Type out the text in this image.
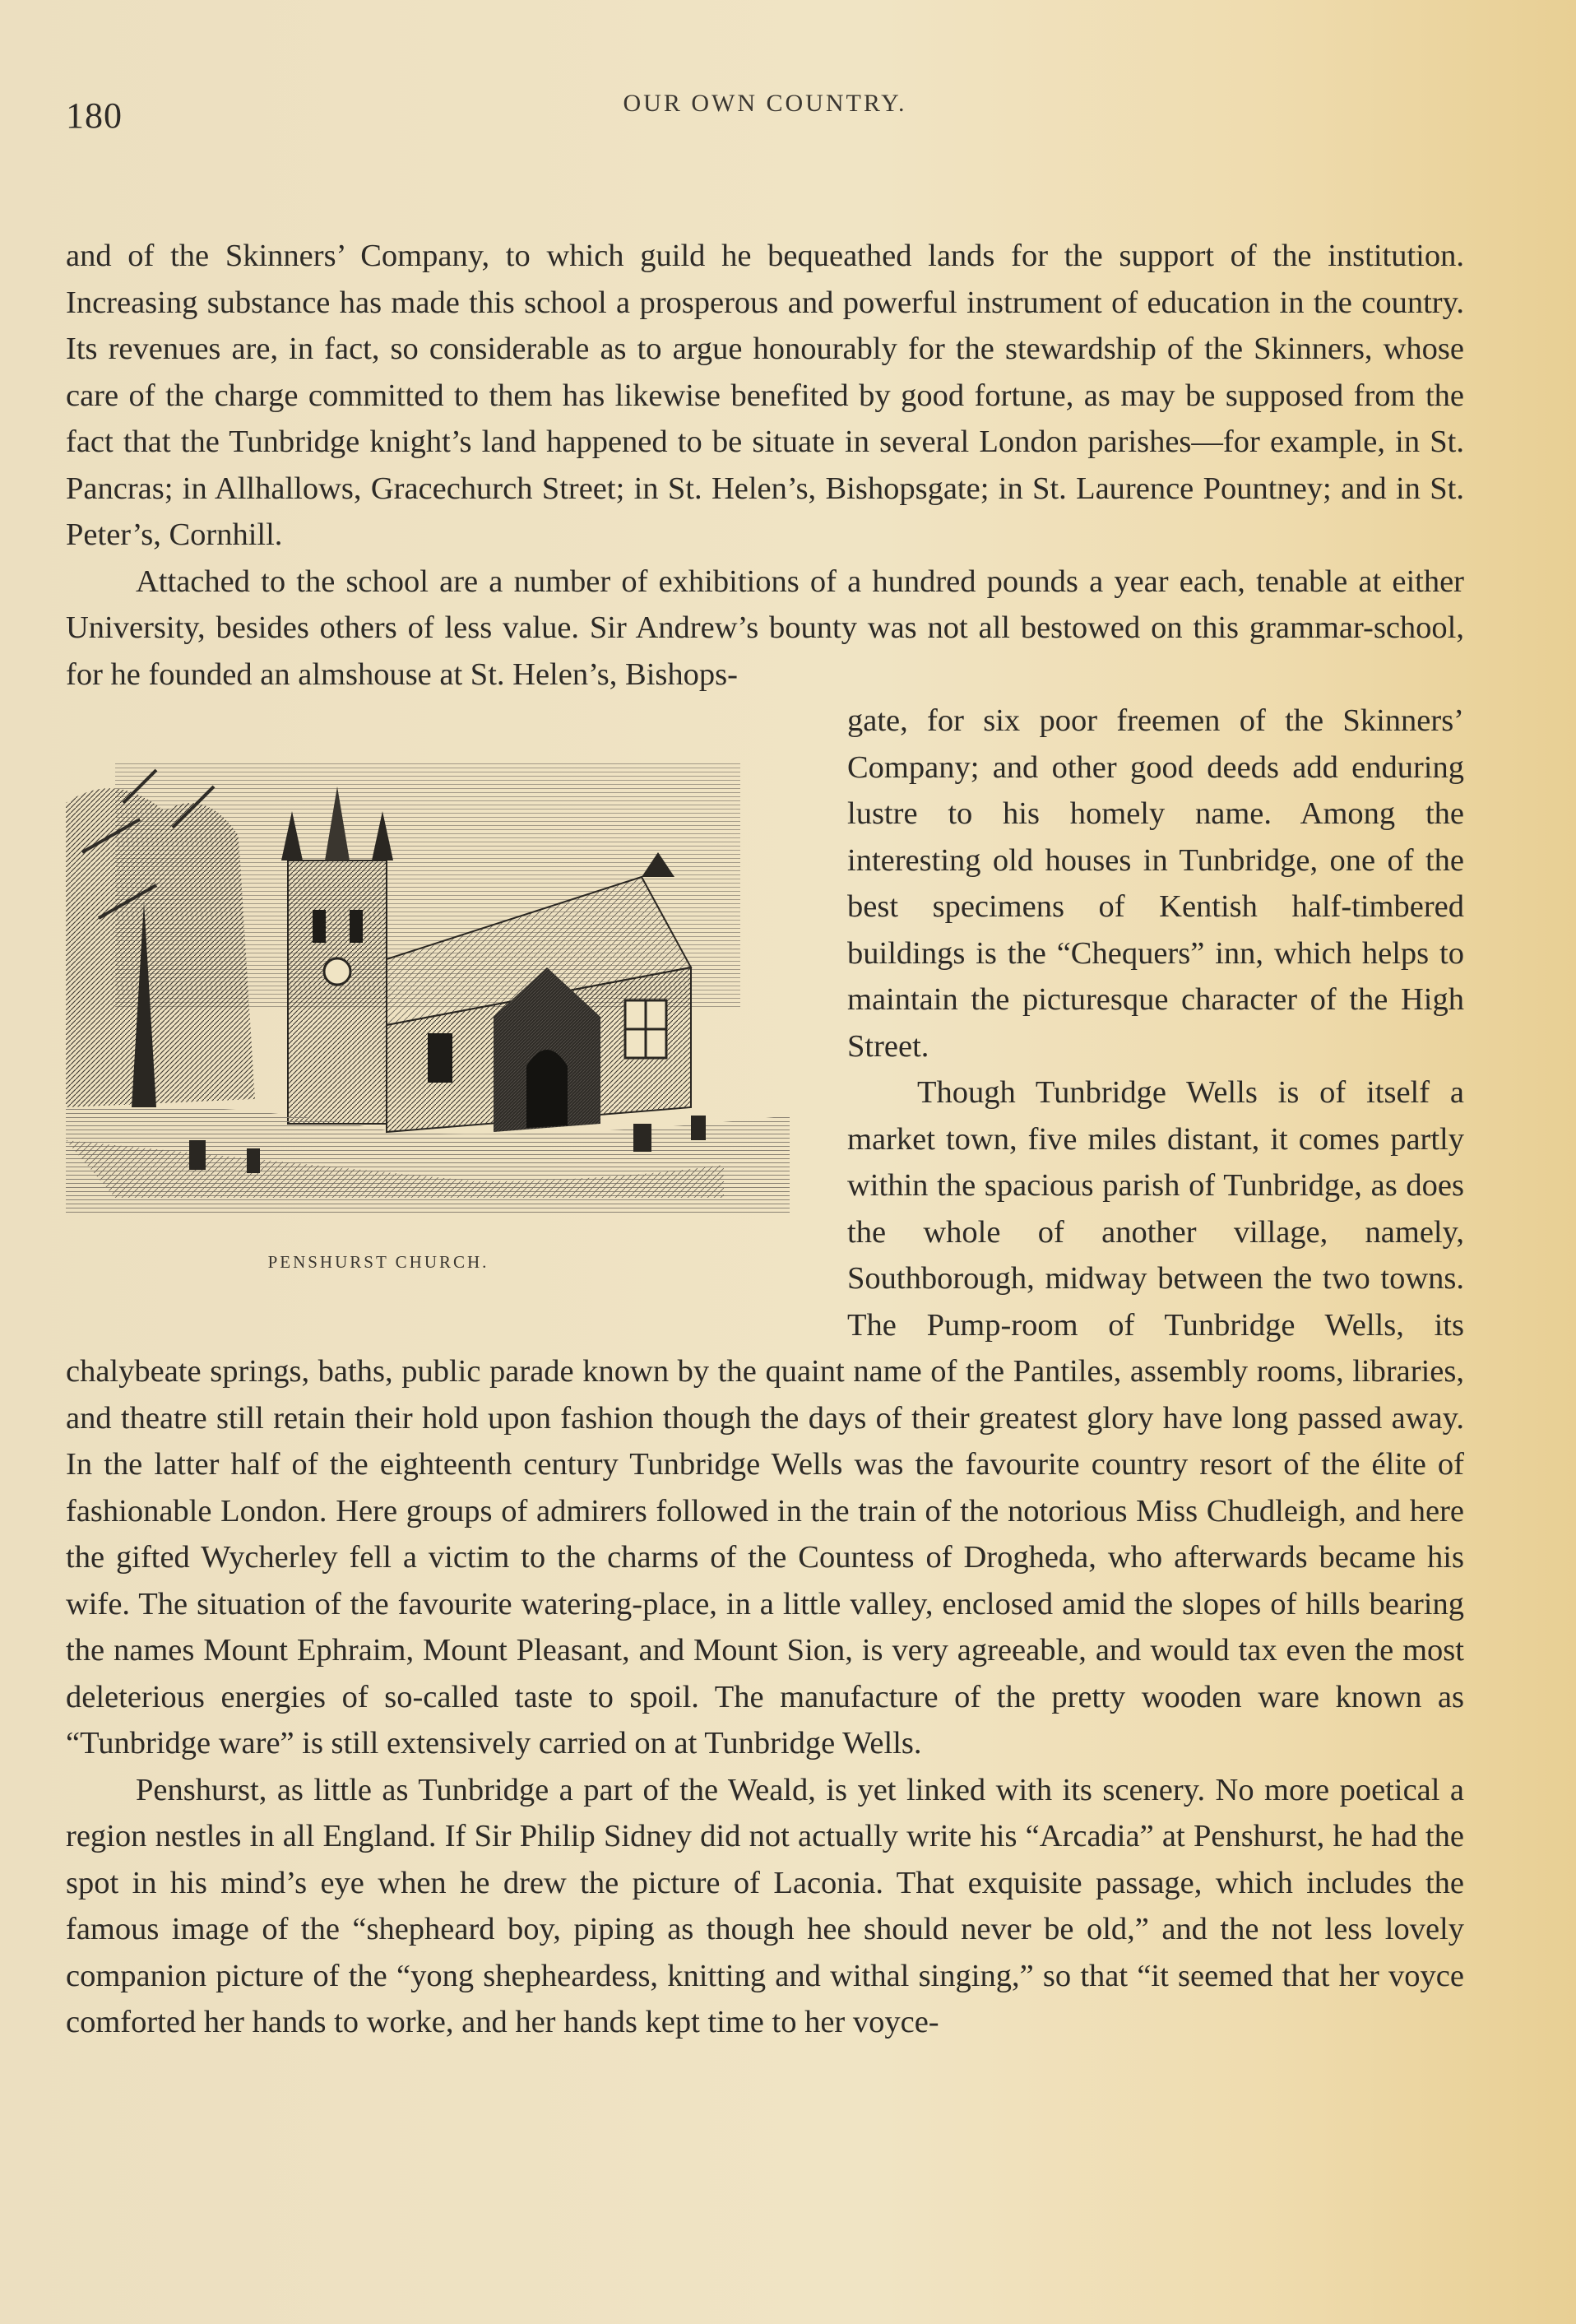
180	OUR OWN COUNTRY.

and of the Skinners’ Company, to which guild he bequeathed lands for the support of the institution. Increasing substance has made this school a prosperous and powerful instrument of education in the country. Its revenues are, in fact, so considerable as to argue honourably for the stewardship of the Skinners, whose care of the charge committed to them has likewise benefited by good fortune, as may be supposed from the fact that the Tunbridge knight’s land happened to be situate in several London parishes—for example, in St. Pancras; in Allhallows, Gracechurch Street; in St. Helen’s, Bishopsgate; in St. Laurence Pountney; and in St. Peter’s, Cornhill.

Attached to the school are a number of exhibitions of a hundred pounds a year each, tenable at either University, besides others of less value. Sir Andrew’s bounty was not all bestowed on this grammar-school, for he founded an almshouse at St. Helen’s, Bishops-

PENSHURST CHURCH.

gate, for six poor freemen of the Skinners’ Company; and other good deeds add enduring lustre to his homely name. Among the interesting old houses in Tunbridge, one of the best specimens of Kentish half-timbered buildings is the “Chequers” inn, which helps to maintain the picturesque character of the High Street.

Though Tunbridge Wells is of itself a market town, five miles distant, it comes partly within the spacious parish of Tunbridge, as does the whole of another village, namely, Southborough, midway between the two towns. The Pump-room of Tunbridge Wells, its chalybeate springs, baths, public parade known by the quaint name of the Pantiles, assembly rooms, libraries, and theatre still retain their hold upon fashion though the days of their greatest glory have long passed away. In the latter half of the eighteenth century Tunbridge Wells was the favourite country resort of the élite of fashionable London. Here groups of admirers followed in the train of the notorious Miss Chudleigh, and here the gifted Wycherley fell a victim to the charms of the Countess of Drogheda, who afterwards became his wife. The situation of the favourite watering-place, in a little valley, enclosed amid the slopes of hills bearing the names Mount Ephraim, Mount Pleasant, and Mount Sion, is very agreeable, and would tax even the most deleterious energies of so-called taste to spoil. The manufacture of the pretty wooden ware known as “Tunbridge ware” is still extensively carried on at Tunbridge Wells.

Penshurst, as little as Tunbridge a part of the Weald, is yet linked with its scenery. No more poetical a region nestles in all England. If Sir Philip Sidney did not actually write his “Arcadia” at Penshurst, he had the spot in his mind’s eye when he drew the picture of Laconia. That exquisite passage, which includes the famous image of the “shepheard boy, piping as though hee should never be old,” and the not less lovely companion picture of the “yong shepheardess, knitting and withal singing,” so that “it seemed that her voyce comforted her hands to worke, and her hands kept time to her voyce-
